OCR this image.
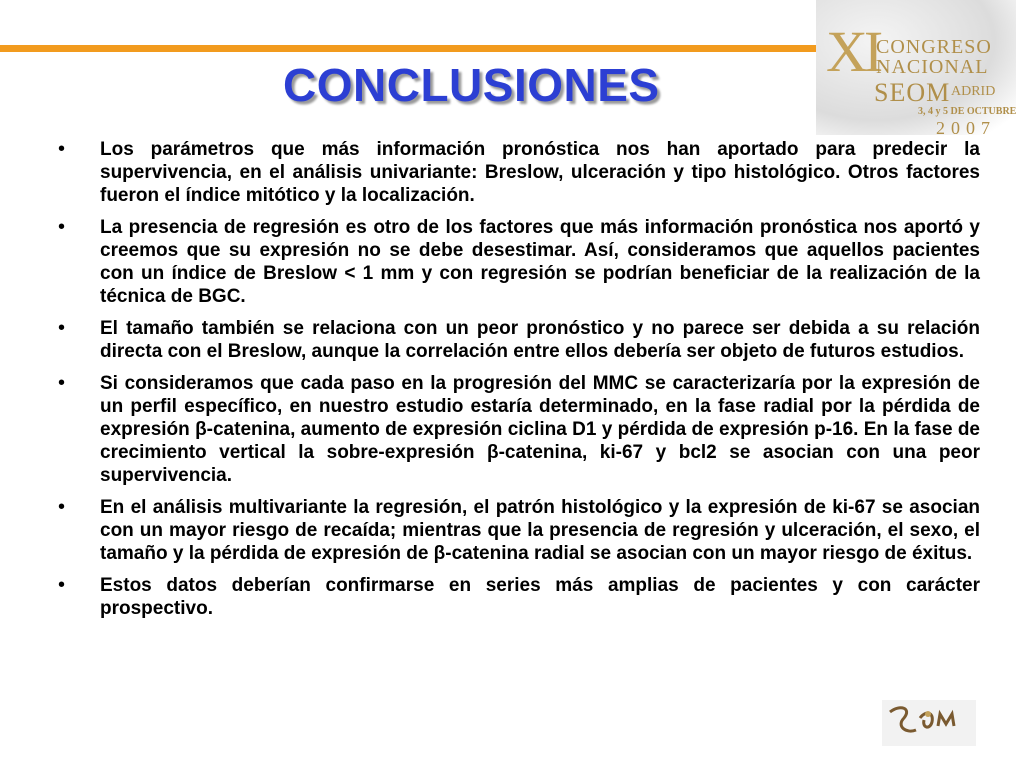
XI
CONGRESO
NACIONAL
SEOM ADRID
3, 4 y 5 DE OCTUBRE
2007
CONCLUSIONES
•	Los parámetros que más información pronóstica nos han aportado para predecir la supervivencia, en el análisis univariante: Breslow, ulceración y tipo histológico. Otros factores fueron el índice mitótico y la localización.

•	La presencia de regresión es otro de los factores que más información pronóstica nos aportó y creemos que su expresión no se debe desestimar. Así, consideramos que aquellos pacientes con un índice de Breslow < 1 mm y con regresión se podrían beneficiar de la realización de la técnica de BGC.

•	El tamaño también se relaciona con un peor pronóstico y no parece ser debida a su relación directa con el Breslow, aunque la correlación entre ellos debería ser objeto de futuros estudios.

•	Si consideramos que cada paso en la progresión del MMC se caracterizaría por la expresión de un perfil específico, en nuestro estudio estaría determinado, en la fase radial por la pérdida de expresión β-catenina, aumento de expresión ciclina D1 y pérdida de expresión p-16. En la fase de crecimiento vertical la sobre-expresión β-catenina, ki-67 y bcl2 se asocian con una peor supervivencia.

•	En el análisis multivariante la regresión, el patrón histológico y la expresión de ki-67 se asocian con un mayor riesgo de recaída; mientras que la presencia de regresión y ulceración, el sexo, el tamaño y la pérdida de expresión de β-catenina radial se asocian con un mayor riesgo de éxitus.

•	Estos datos deberían confirmarse en series más amplias de pacientes y con carácter prospectivo.
